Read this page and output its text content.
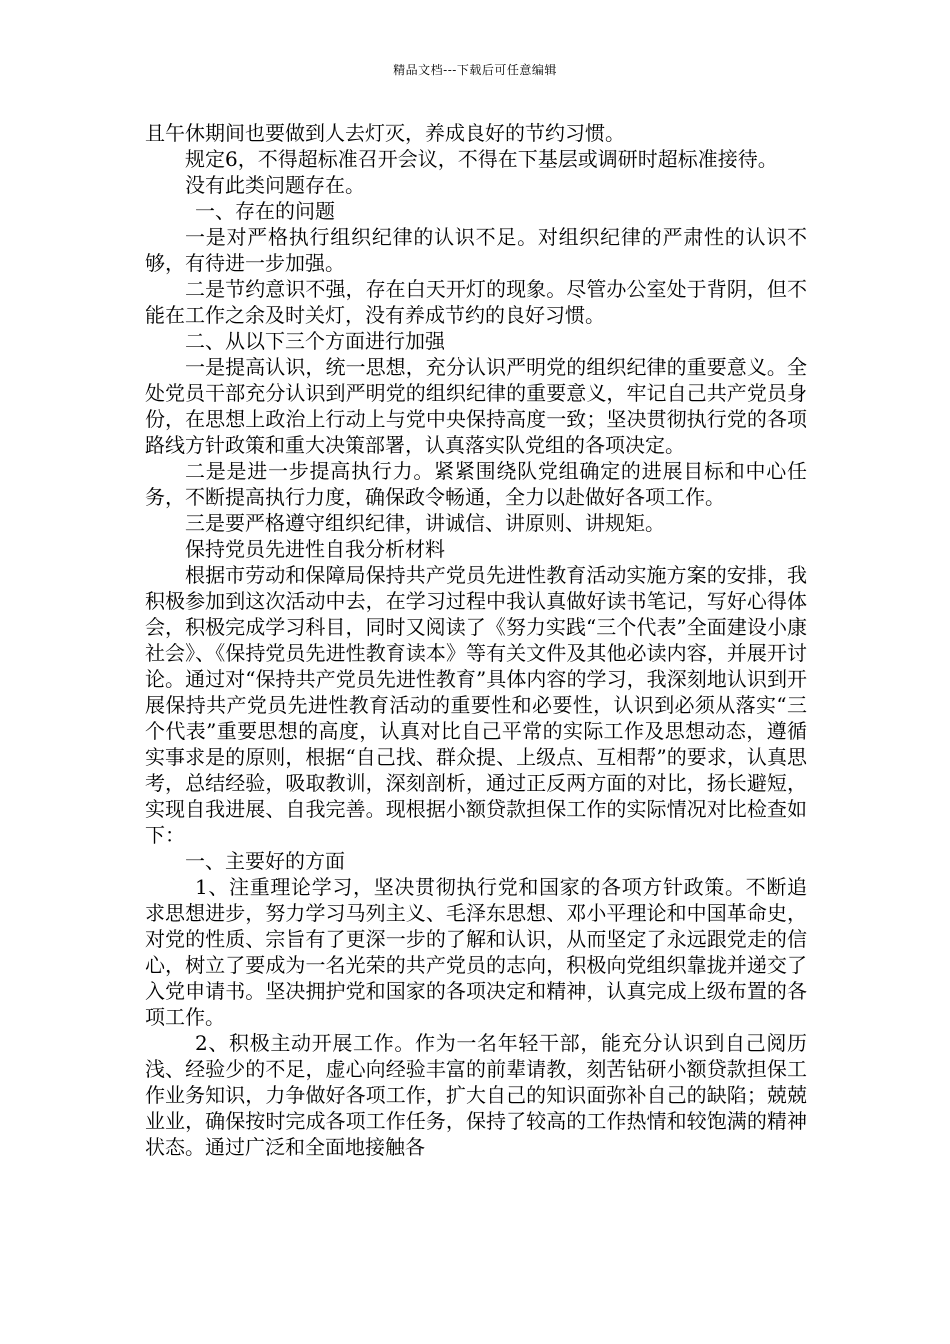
精品文档---下载后可任意编辑

且午休期间也要做到人去灯灭，养成良好的节约习惯。

规定6，不得超标准召开会议，不得在下基层或调研时超标准接待。

没有此类问题存在。

一、存在的问题

一是对严格执行组织纪律的认识不足。对组织纪律的严肃性的认识不够，有待进一步加强。

二是节约意识不强，存在白天开灯的现象。尽管办公室处于背阴，但不能在工作之余及时关灯，没有养成节约的良好习惯。

二、从以下三个方面进行加强

一是提高认识，统一思想，充分认识严明党的组织纪律的重要意义。全处党员干部充分认识到严明党的组织纪律的重要意义，牢记自己共产党员身份，在思想上政治上行动上与党中央保持高度一致；坚决贯彻执行党的各项路线方针政策和重大决策部署，认真落实队党组的各项决定。

二是是进一步提高执行力。紧紧围绕队党组确定的进展目标和中心任务，不断提高执行力度，确保政令畅通，全力以赴做好各项工作。

三是要严格遵守组织纪律，讲诚信、讲原则、讲规矩。

保持党员先进性自我分析材料

根据市劳动和保障局保持共产党员先进性教育活动实施方案的安排，我积极参加到这次活动中去，在学习过程中我认真做好读书笔记，写好心得体会，积极完成学习科目，同时又阅读了《努力实践“三个代表”全面建设小康社会》、《保持党员先进性教育读本》等有关文件及其他必读内容，并展开讨论。通过对“保持共产党员先进性教育”具体内容的学习，我深刻地认识到开展保持共产党员先进性教育活动的重要性和必要性，认识到必须从落实“三个代表”重要思想的高度，认真对比自己平常的实际工作及思想动态，遵循实事求是的原则，根据“自己找、群众提、上级点、互相帮”的要求，认真思考，总结经验，吸取教训，深刻剖析，通过正反两方面的对比，扬长避短，实现自我进展、自我完善。现根据小额贷款担保工作的实际情况对比检查如下：

一、主要好的方面

1、注重理论学习，坚决贯彻执行党和国家的各项方针政策。不断追求思想进步，努力学习马列主义、毛泽东思想、邓小平理论和中国革命史，对党的性质、宗旨有了更深一步的了解和认识，从而坚定了永远跟党走的信心，树立了要成为一名光荣的共产党员的志向，积极向党组织靠拢并递交了入党申请书。坚决拥护党和国家的各项决定和精神，认真完成上级布置的各项工作。

2、积极主动开展工作。作为一名年轻干部，能充分认识到自己阅历浅、经验少的不足，虚心向经验丰富的前辈请教，刻苦钻研小额贷款担保工作业务知识，力争做好各项工作，扩大自己的知识面弥补自己的缺陷；兢兢业业，确保按时完成各项工作任务，保持了较高的工作热情和较饱满的精神状态。通过广泛和全面地接触各
